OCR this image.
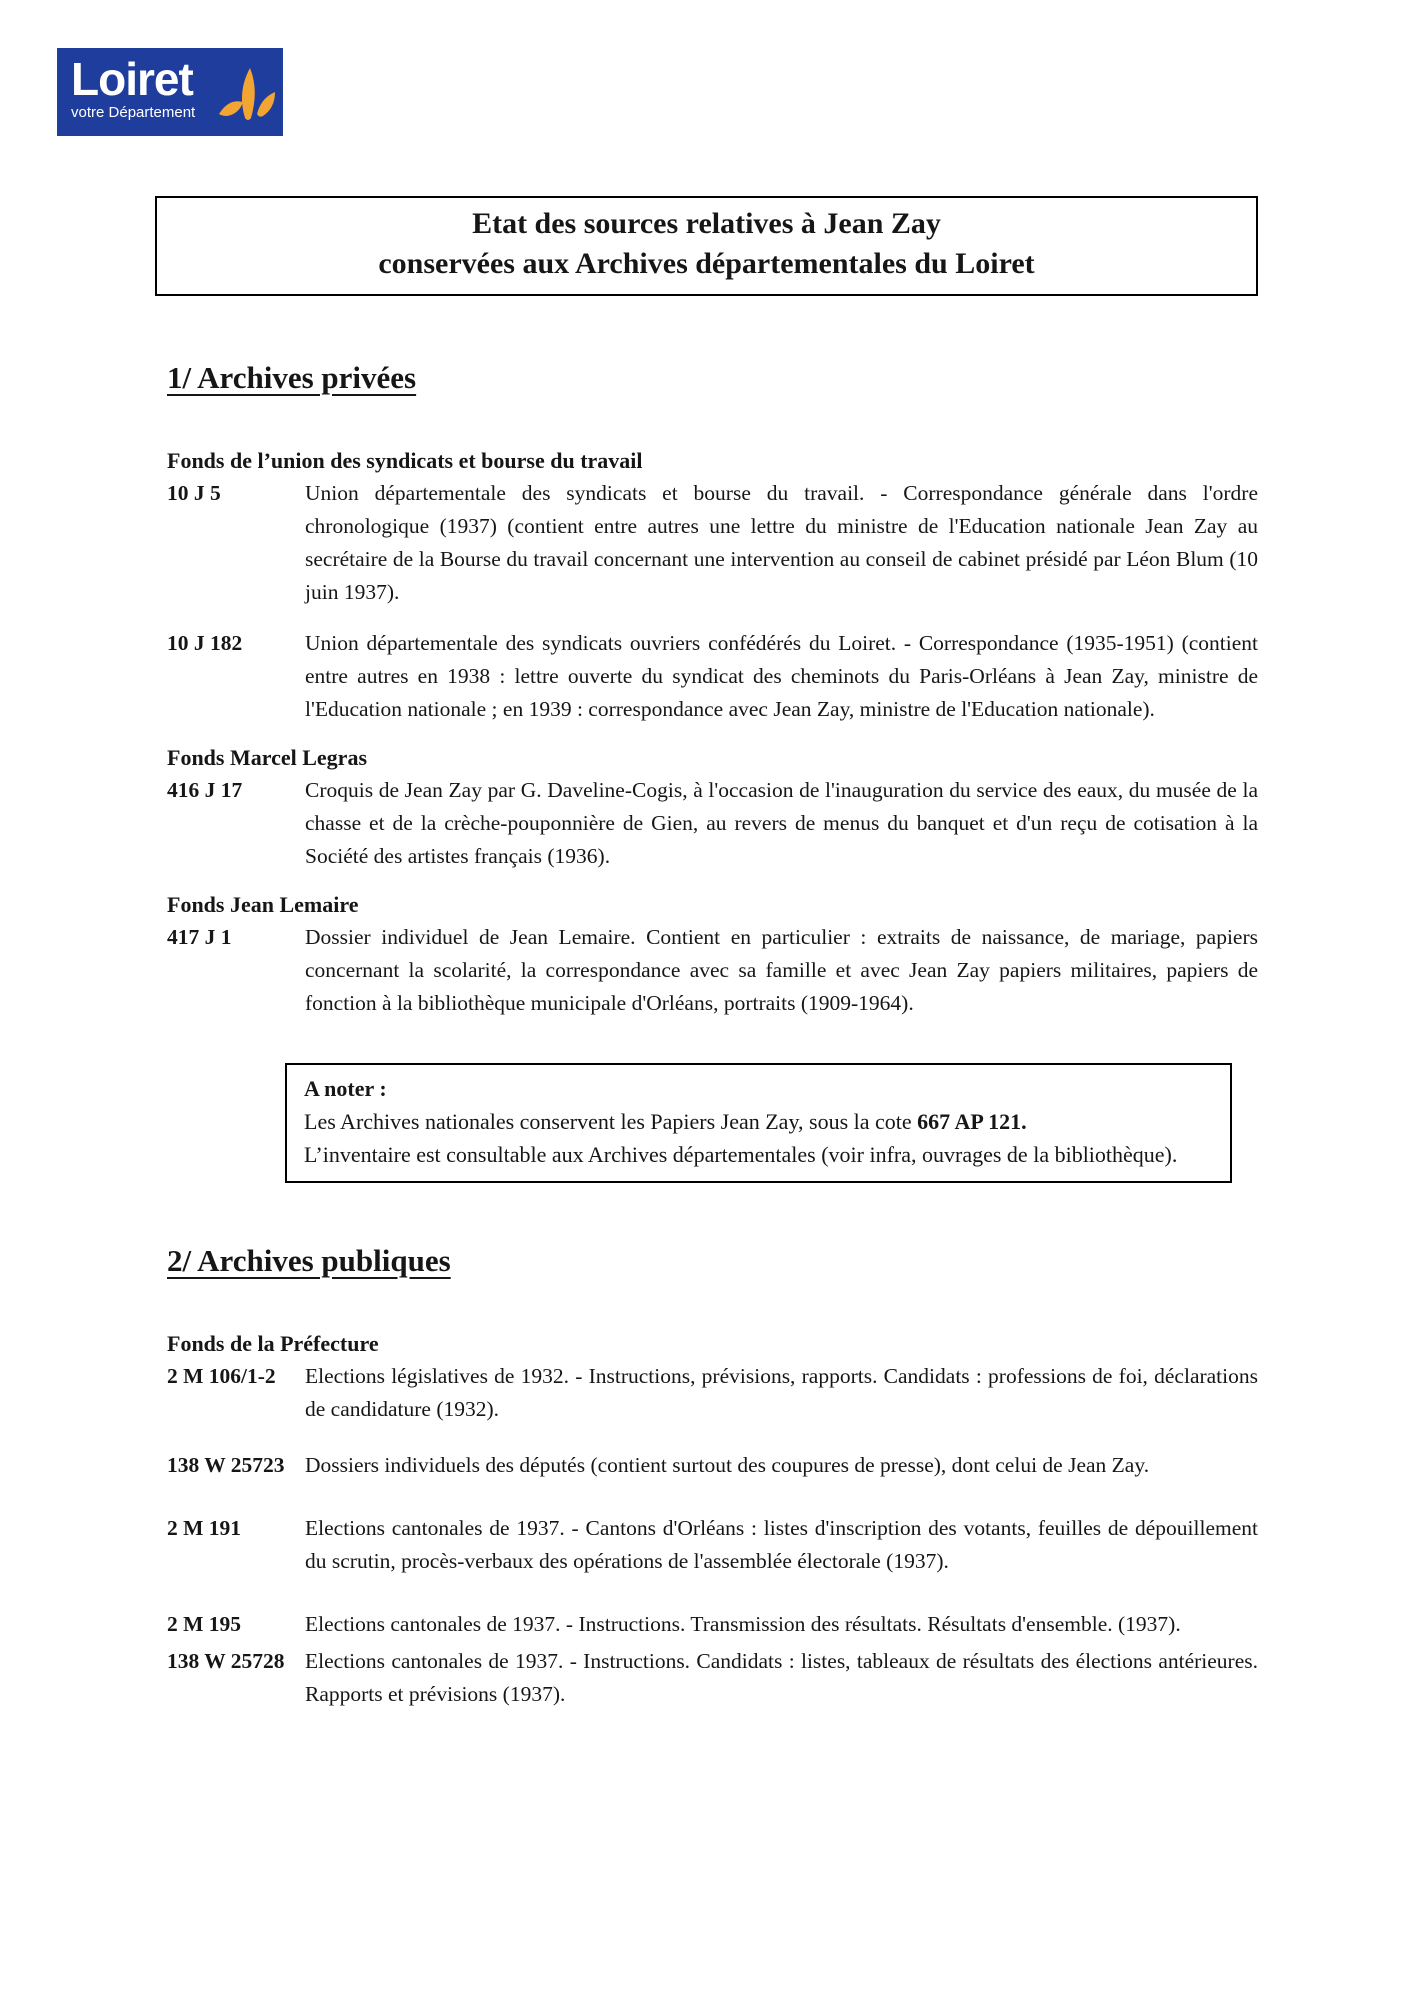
Loiret
votre Département
Etat des sources relatives à Jean Zay
conservées aux Archives départementales du Loiret
1/ Archives privées
Fonds de l’union des syndicats et bourse du travail
10 J 5	Union départementale des syndicats et bourse du travail. - Correspondance générale dans l'ordre chronologique (1937) (contient entre autres une lettre du ministre de l'Education nationale Jean Zay au secrétaire de la Bourse du travail concernant une intervention au conseil de cabinet présidé par Léon Blum (10 juin 1937).
10 J 182	Union départementale des syndicats ouvriers confédérés du Loiret. - Correspondance (1935-1951) (contient entre autres en 1938 : lettre ouverte du syndicat des cheminots du Paris-Orléans à Jean Zay, ministre de l'Education nationale ; en 1939 : correspondance avec Jean Zay, ministre de l'Education nationale).
Fonds Marcel Legras
416 J 17	Croquis de Jean Zay par G. Daveline-Cogis, à l'occasion de l'inauguration du service des eaux, du musée de la chasse et de la crèche-pouponnière de Gien, au revers de menus du banquet et d'un reçu de cotisation à la Société des artistes français (1936).
Fonds Jean Lemaire
417 J 1	Dossier individuel de Jean Lemaire. Contient en particulier : extraits de naissance, de mariage, papiers concernant la scolarité, la correspondance avec sa famille et avec Jean Zay papiers militaires, papiers de fonction à la bibliothèque municipale d'Orléans, portraits (1909-1964).
A noter :
Les Archives nationales conservent les Papiers Jean Zay, sous la cote 667 AP 121.
L’inventaire est consultable aux Archives départementales (voir infra, ouvrages de la bibliothèque).
2/ Archives publiques
Fonds de la Préfecture
2 M 106/1-2	Elections législatives de 1932. - Instructions, prévisions, rapports. Candidats : professions de foi, déclarations de candidature (1932).
138 W 25723 Dossiers individuels des députés (contient surtout des coupures de presse), dont celui de Jean Zay.
2 M 191	Elections cantonales de 1937. - Cantons d'Orléans : listes d'inscription des votants, feuilles de dépouillement du scrutin, procès-verbaux des opérations de l'assemblée électorale (1937).
2 M 195	Elections cantonales de 1937. - Instructions. Transmission des résultats. Résultats d'ensemble. (1937).
138 W 25728 Elections cantonales de 1937. - Instructions. Candidats : listes, tableaux de résultats des élections antérieures. Rapports et prévisions (1937).
